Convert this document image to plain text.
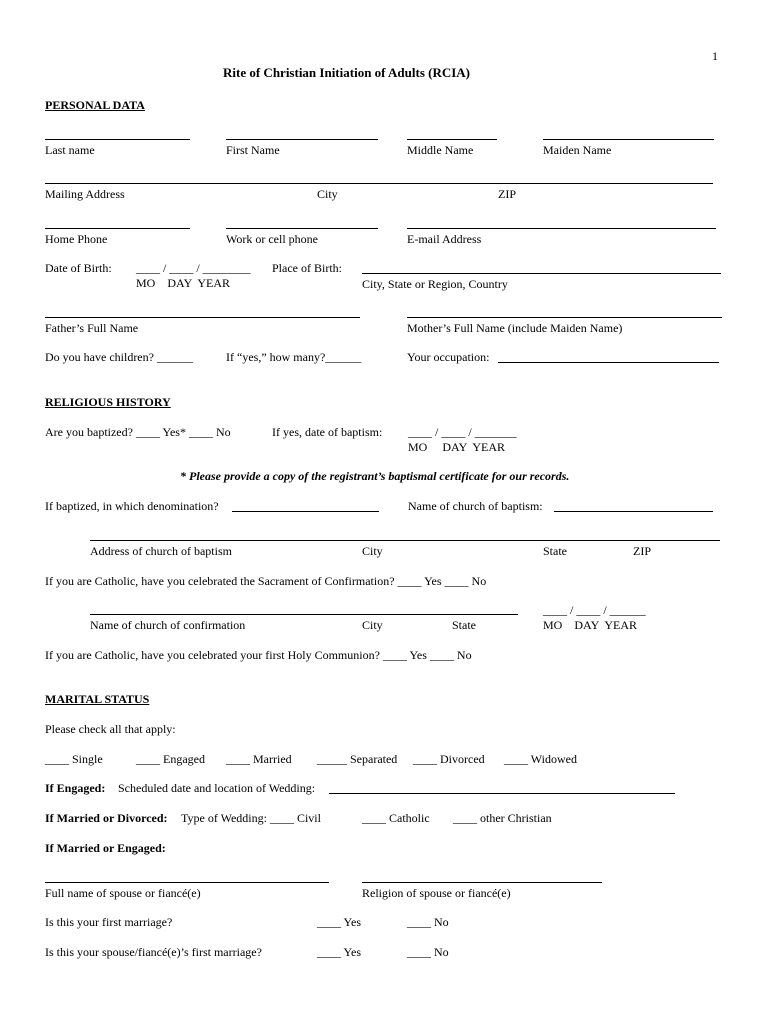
1
Rite of Christian Initiation of Adults (RCIA)
PERSONAL DATA
Last name	First Name	Middle Name	Maiden Name
Mailing Address	City	ZIP
Home Phone	Work or cell phone	E-mail Address
Date of Birth: ____ / ____ / ________
MO    DAY  YEAR
Place of Birth:
City, State or Region, Country
Father’s Full Name	Mother’s Full Name (include Maiden Name)
Do you have children? ______	If “yes,” how many?______	Your occupation:
RELIGIOUS HISTORY
Are you baptized? ____ Yes* ____ No	If yes, date of baptism: ____ / ____ / _______
MO     DAY  YEAR
* Please provide a copy of the registrant’s baptismal certificate for our records.
If baptized, in which denomination?	Name of church of baptism:
Address of church of baptism	City	State	ZIP
If you are Catholic, have you celebrated the Sacrament of Confirmation? ____ Yes ____ No
____ / ____ / ______
Name of church of confirmation	City	State	MO    DAY  YEAR
If you are Catholic, have you celebrated your first Holy Communion? ____ Yes ____ No
MARITAL STATUS
Please check all that apply:
____ Single	____ Engaged ____ Married _____ Separated ____ Divorced ____ Widowed
If Engaged: Scheduled date and location of Wedding:
If Married or Divorced: Type of Wedding: ____ Civil	____ Catholic ____ other Christian
If Married or Engaged:
Full name of spouse or fiancé(e)	Religion of spouse or fiancé(e)
Is this your first marriage?	____ Yes	____ No
Is this your spouse/fiancé(e)’s first marriage?	____ Yes	____ No
